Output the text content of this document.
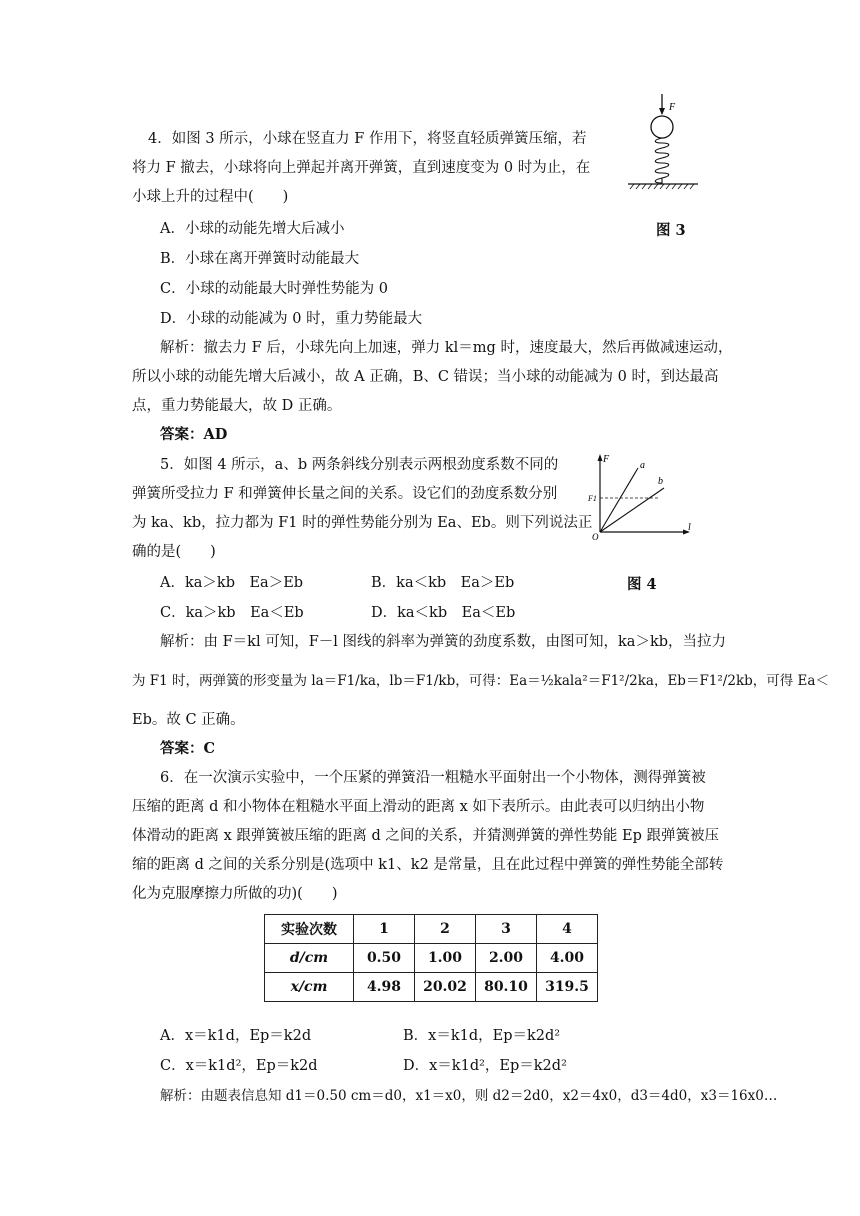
4．如图 3 所示，小球在竖直力 F 作用下，将竖直轻质弹簧压缩，若
将力 F 撤去，小球将向上弹起并离开弹簧，直到速度变为 0 时为止，在
小球上升的过程中(　　)
F
图 3
A．小球的动能先增大后减小
B．小球在离开弹簧时动能最大
C．小球的动能最大时弹性势能为 0
D．小球的动能减为 0 时，重力势能最大
解析：撤去力 F 后，小球先向上加速，弹力 kl＝mg 时，速度最大，然后再做减速运动，
所以小球的动能先增大后减小，故 A 正确，B、C 错误；当小球的动能减为 0 时，到达最高
点，重力势能最大，故 D 正确。
答案：AD
5．如图 4 所示，a、b 两条斜线分别表示两根劲度系数不同的
弹簧所受拉力 F 和弹簧伸长量之间的关系。设它们的劲度系数分别
为 ka、kb，拉力都为 F1 时的弹性势能分别为 Ea、Eb。则下列说法正
确的是(　　)
F
l
O
F1
a
b
图 4
A．ka＞kb　Ea＞Eb	B．ka＜kb　Ea＞Eb
C．ka＞kb　Ea＜Eb	D．ka＜kb　Ea＜Eb
解析：由 F＝kl 可知，F－l 图线的斜率为弹簧的劲度系数，由图可知，ka＞kb，当拉力
为 F1 时，两弹簧的形变量为 la＝F1/ka，lb＝F1/kb，可得：Ea＝½kala²＝F1²/2ka，Eb＝F1²/2kb，可得 Ea＜
Eb。故 C 正确。
答案：C
6．在一次演示实验中，一个压紧的弹簧沿一粗糙水平面射出一个小物体，测得弹簧被
压缩的距离 d 和小物体在粗糙水平面上滑动的距离 x 如下表所示。由此表可以归纳出小物
体滑动的距离 x 跟弹簧被压缩的距离 d 之间的关系，并猜测弹簧的弹性势能 Ep 跟弹簧被压
缩的距离 d 之间的关系分别是(选项中 k1、k2 是常量，且在此过程中弹簧的弹性势能全部转
化为克服摩擦力所做的功)(　　)
实验次数	1	2	3	4
d/cm	0.50	1.00	2.00	4.00
x/cm	4.98	20.02	80.10	319.5
A．x＝k1d，Ep＝k2d	B．x＝k1d，Ep＝k2d²
C．x＝k1d²，Ep＝k2d	D．x＝k1d²，Ep＝k2d²
解析：由题表信息知 d1＝0.50 cm＝d0，x1＝x0，则 d2＝2d0，x2＝4x0，d3＝4d0，x3＝16x0…
